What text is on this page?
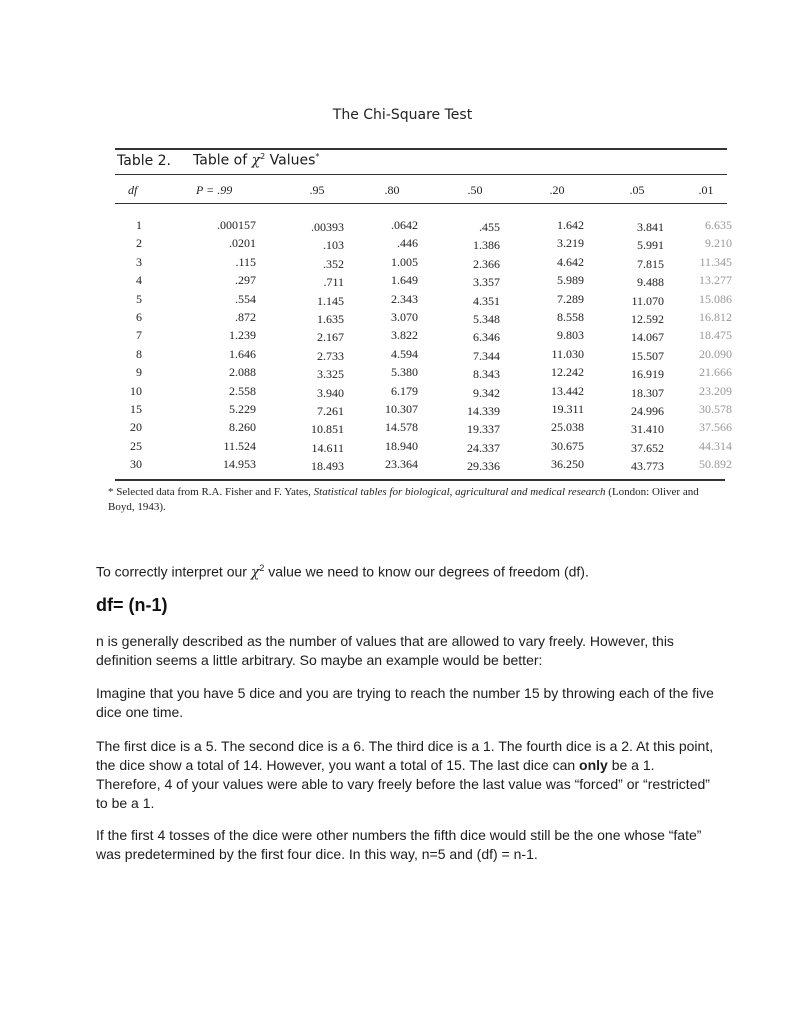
The Chi-Square Test
Table 2. Table of $\chi^2$ Values*
df	P = .99	.95	.80	.50	.20	.05	.01
1	.000157	.00393	.0642	.455	1.642	3.841	6.635
2	.0201	.103	.446	1.386	3.219	5.991	9.210
3	.115	.352	1.005	2.366	4.642	7.815	11.345
4	.297	.711	1.649	3.357	5.989	9.488	13.277
5	.554	1.145	2.343	4.351	7.289	11.070	15.086
6	.872	1.635	3.070	5.348	8.558	12.592	16.812
7	1.239	2.167	3.822	6.346	9.803	14.067	18.475
8	1.646	2.733	4.594	7.344	11.030	15.507	20.090
9	2.088	3.325	5.380	8.343	12.242	16.919	21.666
10	2.558	3.940	6.179	9.342	13.442	18.307	23.209
15	5.229	7.261	10.307	14.339	19.311	24.996	30.578
20	8.260	10.851	14.578	19.337	25.038	31.410	37.566
25	11.524	14.611	18.940	24.337	30.675	37.652	44.314
30	14.953	18.493	23.364	29.336	36.250	43.773	50.892
* Selected data from R.A. Fisher and F. Yates, Statistical tables for biological, agricultural and medical research (London: Oliver and Boyd, 1943).
To correctly interpret our $\chi^2$ value we need to know our degrees of freedom (df).
df= (n-1)
n is generally described as the number of values that are allowed to vary freely. However, this definition seems a little arbitrary. So maybe an example would be better:
Imagine that you have 5 dice and you are trying to reach the number 15 by throwing each of the five dice one time.
The first dice is a 5. The second dice is a 6. The third dice is a 1. The fourth dice is a 2. At this point, the dice show a total of 14. However, you want a total of 15. The last dice can only be a 1. Therefore, 4 of your values were able to vary freely before the last value was “forced” or “restricted” to be a 1.
If the first 4 tosses of the dice were other numbers the fifth dice would still be the one whose “fate” was predetermined by the first four dice. In this way, n=5 and (df) = n-1.
